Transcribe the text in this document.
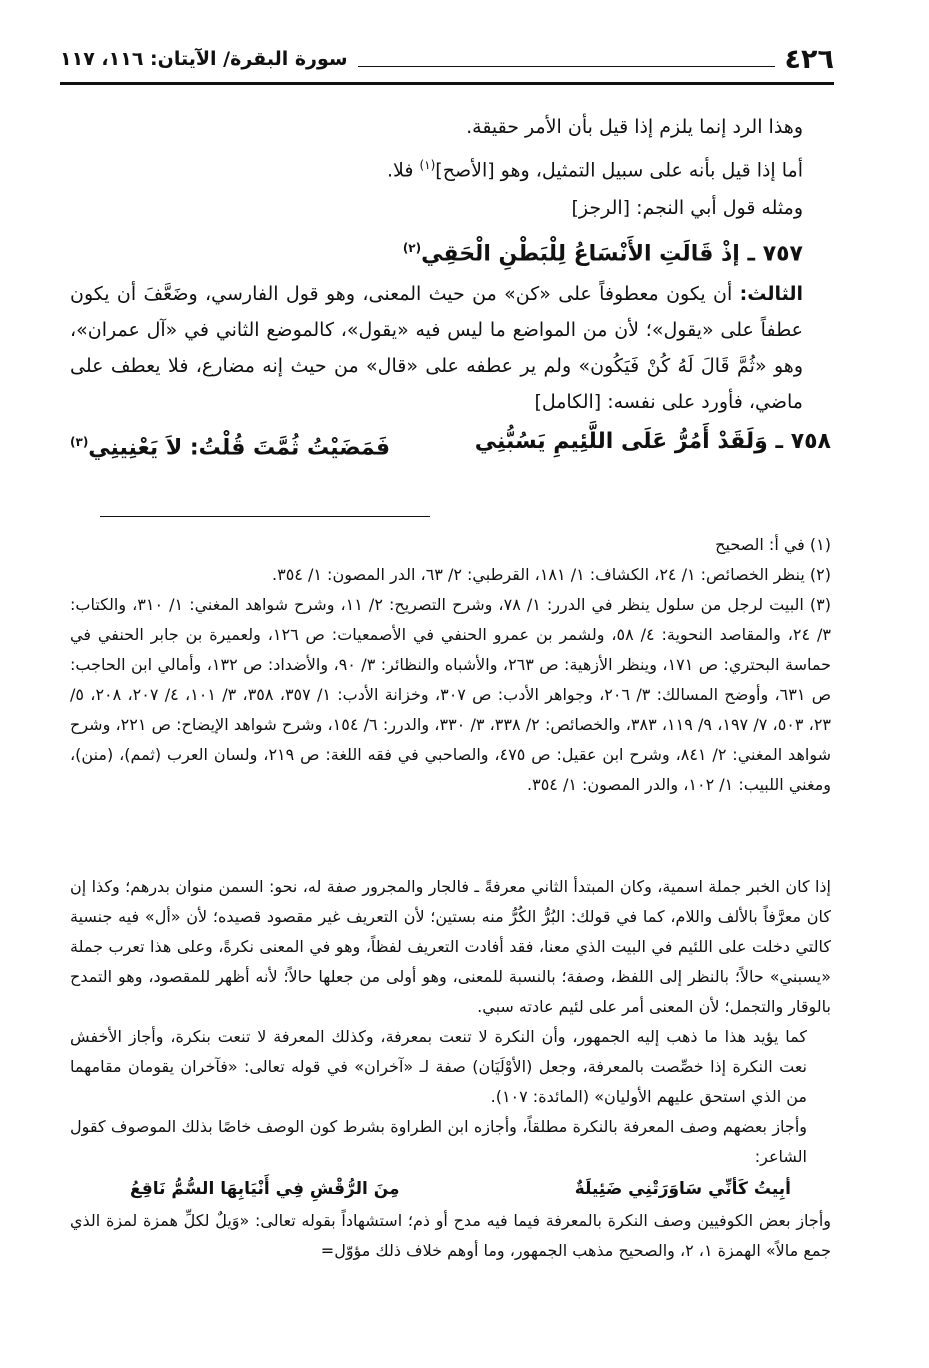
٤٢٦
سورة البقرة/ الآيتان: ١١٦، ١١٧

وهذا الرد إنما يلزم إذا قيل بأن الأمر حقيقة.

أما إذا قيل بأنه على سبيل التمثيل، وهو [الأصح]$^{(١)}$ فلا.

ومثله قول أبي النجم: [الرجز]

٧٥٧ ـ إذْ قَالَتِ الأَنْسَاعُ لِلْبَطْنِ الْحَقِي$^{(٢)}$

الثالث: أن يكون معطوفاً على «كن» من حيث المعنى، وهو قول الفارسي، وضَعَّفَ أن يكون عطفاً على «يقول»؛ لأن من المواضع ما ليس فيه «يقول»، كالموضع الثاني في «آل عمران»، وهو «ثُمَّ قَالَ لَهُ كُنْ فَيَكُون» ولم ير عطفه على «قال» من حيث إنه مضارع، فلا يعطف على ماضي، فأورد على نفسه: [الكامل]

٧٥٨ ـ وَلَقَدْ أَمُرُّ عَلَى اللَّئِيمِ يَسُبُّنِي
فَمَضَيْتُ ثُمَّتَ قُلْتُ: لاَ يَعْنِينِي$^{(٣)}$

(١) في أ: الصحيح

(٢) ينظر الخصائص: ١/ ٢٤، الكشاف: ١/ ١٨١، القرطبي: ٢/ ٦٣، الدر المصون: ١/ ٣٥٤.

(٣) البيت لرجل من سلول ينظر في الدرر: ١/ ٧٨، وشرح التصريح: ٢/ ١١، وشرح شواهد المغني: ١/ ٣١٠، والكتاب: ٣/ ٢٤، والمقاصد النحوية: ٤/ ٥٨، ولشمر بن عمرو الحنفي في الأصمعيات: ص ١٢٦، ولعميرة بن جابر الحنفي في حماسة البحتري: ص ١٧١، وينظر الأزهية: ص ٢٦٣، والأشباه والنظائر: ٣/ ٩٠، والأضداد: ص ١٣٢، وأمالي ابن الحاجب: ص ٦٣١، وأوضح المسالك: ٣/ ٢٠٦، وجواهر الأدب: ص ٣٠٧، وخزانة الأدب: ١/ ٣٥٧، ٣٥٨، ٣/ ١٠١، ٤/ ٢٠٧، ٢٠٨، ٥/ ٢٣، ٥٠٣، ٧/ ١٩٧، ٩/ ١١٩، ٣٨٣، والخصائص: ٢/ ٣٣٨، ٣/ ٣٣٠، والدرر: ٦/ ١٥٤، وشرح شواهد الإيضاح: ص ٢٢١، وشرح شواهد المغني: ٢/ ٨٤١، وشرح ابن عقيل: ص ٤٧٥، والصاحبي في فقه اللغة: ص ٢١٩، ولسان العرب (ثمم)، (منن)، ومغني اللبيب: ١/ ١٠٢، والدر المصون: ١/ ٣٥٤.

إذا كان الخبر جملة اسمية، وكان المبتدأ الثاني معرفةً ـ فالجار والمجرور صفة له، نحو: السمن منوان بدرهم؛ وكذا إن كان معرَّفاً بالألف واللام، كما في قولك: البُرُّ الكُرُّ منه بستين؛ لأن التعريف غير مقصود قصيده؛ لأن «أل» فيه جنسية كالتي دخلت على اللئيم في البيت الذي معنا، فقد أفادت التعريف لفظاً، وهو في المعنى نكرةً، وعلى هذا تعرب جملة «يسبني» حالاً؛ بالنظر إلى اللفظ، وصفة؛ بالنسبة للمعنى، وهو أولى من جعلها حالاً؛ لأنه أظهر للمقصود، وهو التمدح بالوقار والتجمل؛ لأن المعنى أمر على لئيم عادته سبي.

كما يؤيد هذا ما ذهب إليه الجمهور، وأن النكرة لا تنعت بمعرفة، وكذلك المعرفة لا تنعت بنكرة، وأجاز الأخفش نعت النكرة إذا خصِّصت بالمعرفة، وجعل (الأوْلَيَان) صفة لـ «آخران» في قوله تعالى: «فآخران يقومان مقامهما من الذي استحق عليهم الأوليان» (المائدة: ١٠٧).

وأجاز بعضهم وصف المعرفة بالنكرة مطلقاً، وأجازه ابن الطراوة بشرط كون الوصف خاصًا بذلك الموصوف كقول الشاعر:

أبِيتُ كَأنِّي سَاوَرَتْنِي ضَئِيلَةٌ
مِنَ الرُّقْشِ فِي أَنْيَابِهَا السُّمُّ نَاقِعُ

وأجاز بعض الكوفيين وصف النكرة بالمعرفة فيما فيه مدح أو ذم؛ استشهاداً بقوله تعالى: «وَيلٌ لكلِّ همزة لمزة الذي جمع مالاً» الهمزة ١، ٢، والصحيح مذهب الجمهور، وما أوهم خلاف ذلك مؤوّل=
